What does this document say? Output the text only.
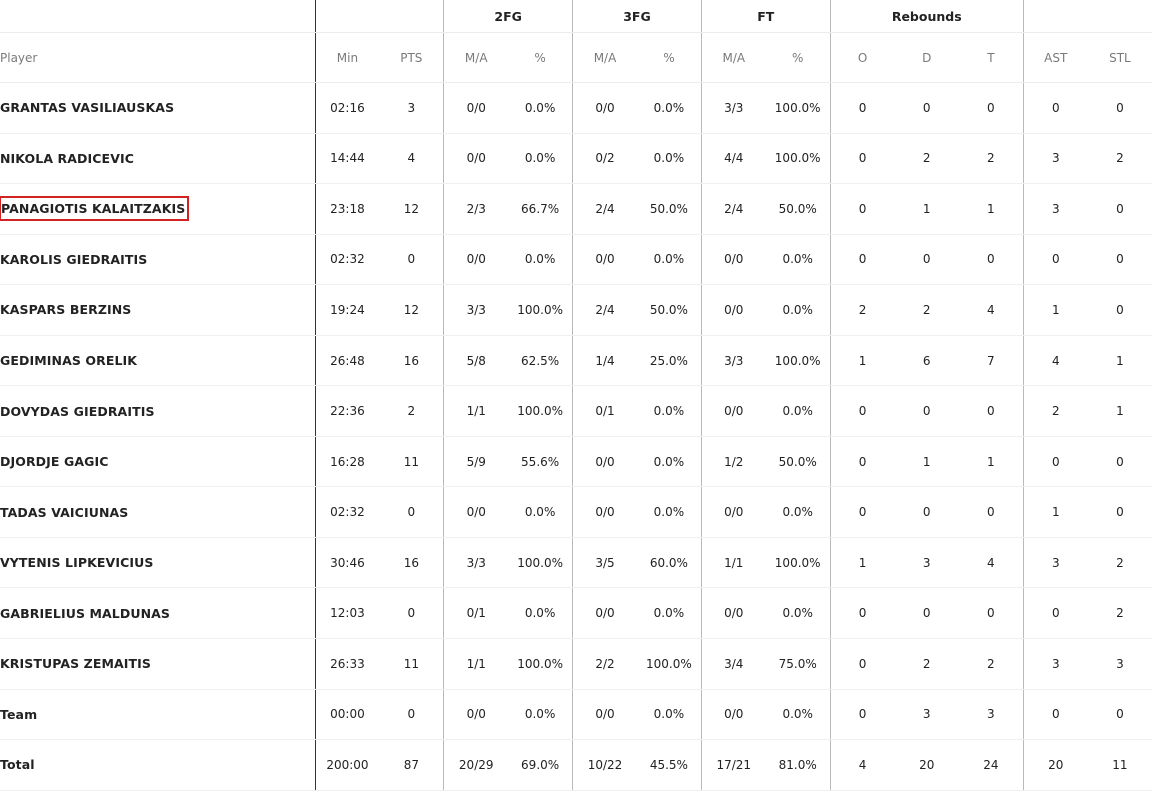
			2FG		3FG		FT		Rebounds				
Player	Min	PTS	M/A	%	M/A	%	M/A	%	O	D	T	AST	STL
GRANTAS VASILIAUSKAS	02:16	3	0/0	0.0%	0/0	0.0%	3/3	100.0%	0	0	0	0	0
NIKOLA RADICEVIC	14:44	4	0/0	0.0%	0/2	0.0%	4/4	100.0%	0	2	2	3	2
PANAGIOTIS KALAITZAKIS	23:18	12	2/3	66.7%	2/4	50.0%	2/4	50.0%	0	1	1	3	0
KAROLIS GIEDRAITIS	02:32	0	0/0	0.0%	0/0	0.0%	0/0	0.0%	0	0	0	0	0
KASPARS BERZINS	19:24	12	3/3	100.0%	2/4	50.0%	0/0	0.0%	2	2	4	1	0
GEDIMINAS ORELIK	26:48	16	5/8	62.5%	1/4	25.0%	3/3	100.0%	1	6	7	4	1
DOVYDAS GIEDRAITIS	22:36	2	1/1	100.0%	0/1	0.0%	0/0	0.0%	0	0	0	2	1
DJORDJE GAGIC	16:28	11	5/9	55.6%	0/0	0.0%	1/2	50.0%	0	1	1	0	0
TADAS VAICIUNAS	02:32	0	0/0	0.0%	0/0	0.0%	0/0	0.0%	0	0	0	1	0
VYTENIS LIPKEVICIUS	30:46	16	3/3	100.0%	3/5	60.0%	1/1	100.0%	1	3	4	3	2
GABRIELIUS MALDUNAS	12:03	0	0/1	0.0%	0/0	0.0%	0/0	0.0%	0	0	0	0	2
KRISTUPAS ZEMAITIS	26:33	11	1/1	100.0%	2/2	100.0%	3/4	75.0%	0	2	2	3	3
Team	00:00	0	0/0	0.0%	0/0	0.0%	0/0	0.0%	0	3	3	0	0
Total	200:00	87	20/29	69.0%	10/22	45.5%	17/21	81.0%	4	20	24	20	11
